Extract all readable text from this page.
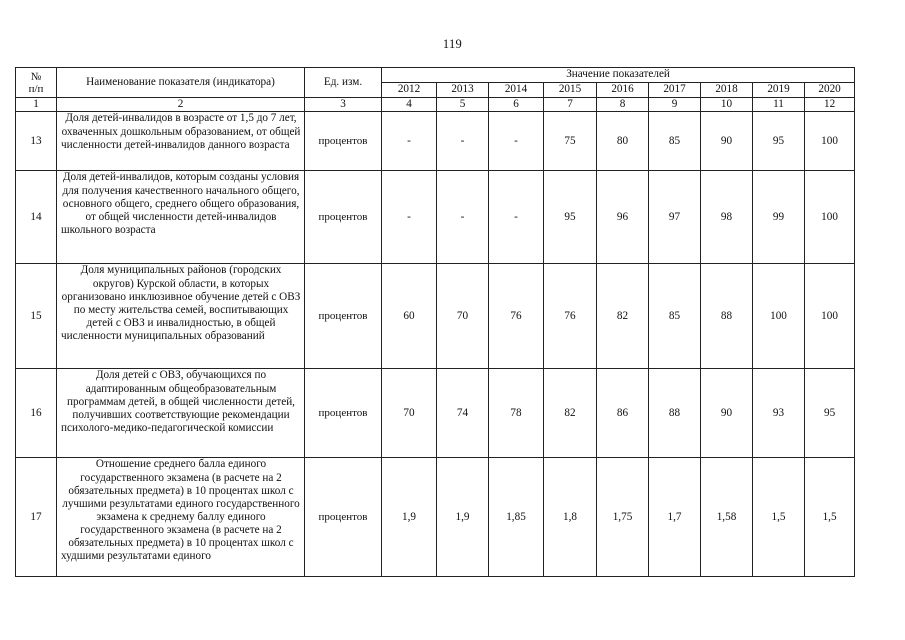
119
№
п/п	Наименование показателя (индикатора)	Ед. изм.	Значение показателей								
			2012	2013	2014	2015	2016	2017	2018	2019	2020
1	2	3	4	5	6	7	8	9	10	11	12
13	Доля детей-инвалидов в возрасте от 1,5 до 7 лет, охваченных дошкольным образованием, от общей численности детей-инвалидов данного возраста	процентов	-	-	-	75	80	85	90	95	100
14	Доля детей-инвалидов, которым созданы условия для получения качественного начального общего, основного общего, среднего общего образования, от общей численности детей-инвалидов школьного возраста	процентов	-	-	-	95	96	97	98	99	100
15	Доля муниципальных районов (городских округов) Курской области, в которых организовано инклюзивное обучение детей с ОВЗ по месту жительства семей, воспитывающих детей с ОВЗ и инвалидностью, в общей численности муниципальных образований	процентов	60	70	76	76	82	85	88	100	100
16	Доля детей с ОВЗ, обучающихся по адаптированным общеобразовательным программам детей, в общей численности детей, получивших соответствующие рекомендации психолого-медико-педагогической комиссии	процентов	70	74	78	82	86	88	90	93	95
17	Отношение среднего балла единого государственного экзамена (в расчете на 2 обязательных предмета) в 10 процентах школ с лучшими результатами единого государственного экзамена к среднему баллу единого государственного экзамена (в расчете на 2 обязательных предмета) в 10 процентах школ с худшими результатами единого	процентов	1,9	1,9	1,85	1,8	1,75	1,7	1,58	1,5	1,5
